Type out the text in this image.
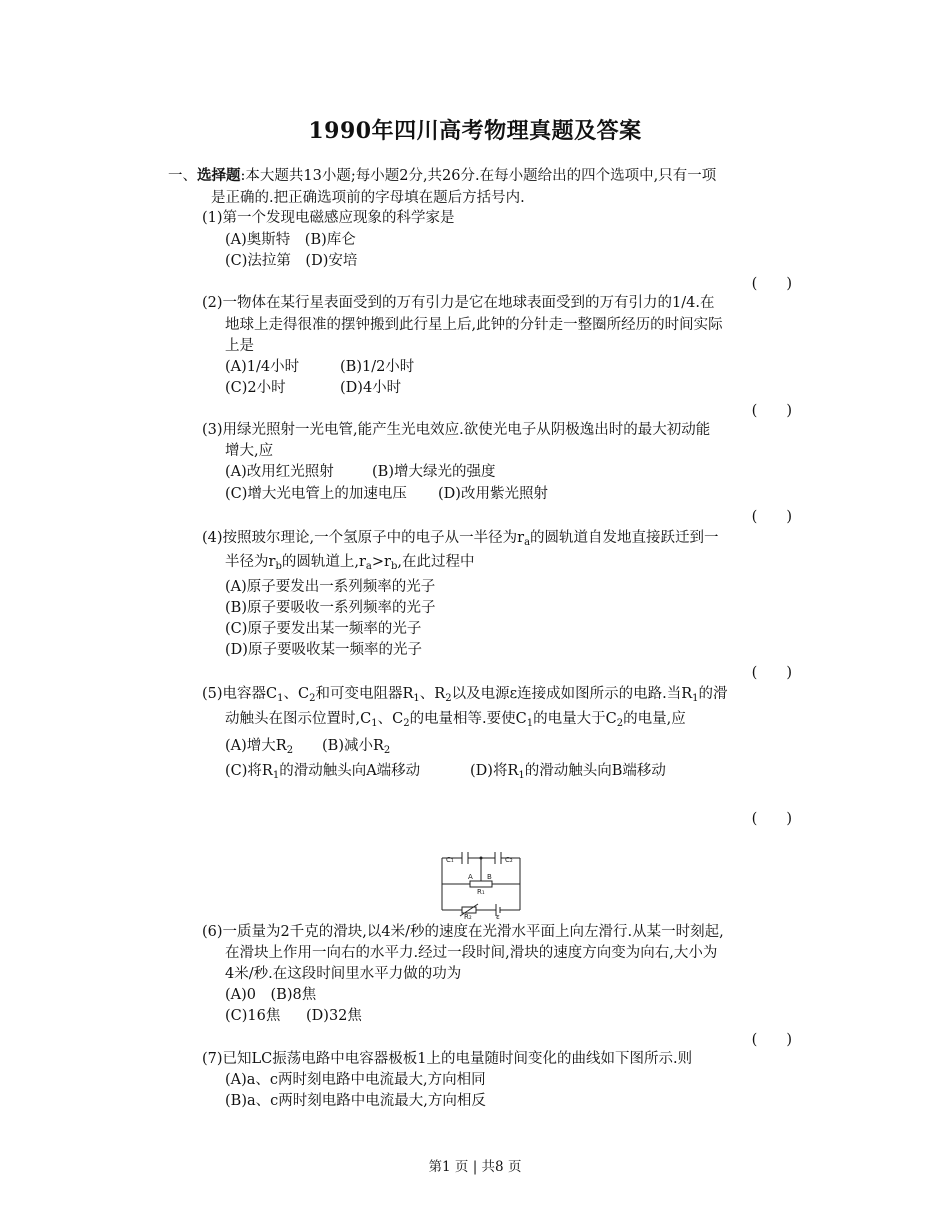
1990年四川高考物理真题及答案
一、选择题:本大题共13小题;每小题2分,共26分.在每小题给出的四个选项中,只有一项
是正确的.把正确选项前的字母填在题后方括号内.
(1)第一个发现电磁感应现象的科学家是
(A)奥斯特　(B)库仑
(C)法拉第　(D)安培
(　　)
(2)一物体在某行星表面受到的万有引力是它在地球表面受到的万有引力的1/4.在
地球上走得很准的摆钟搬到此行星上后,此钟的分针走一整圈所经历的时间实际
上是
(A)1/4小时	(B)1/2小时
(C)2小时	(D)4小时
(　　)
(3)用绿光照射一光电管,能产生光电效应.欲使光电子从阴极逸出时的最大初动能
增大,应
(A)改用红光照射	(B)增大绿光的强度
(C)增大光电管上的加速电压 (D)改用紫光照射
(　　)
(4)按照玻尔理论,一个氢原子中的电子从一半径为$r_a$的圆轨道自发地直接跃迁到一
半径为$r_b$的圆轨道上$,r_a>r_b$,在此过程中
(A)原子要发出一系列频率的光子
(B)原子要吸收一系列频率的光子
(C)原子要发出某一频率的光子
(D)原子要吸收某一频率的光子
(　　)
(5)电容器$C_1$、$C_2$和可变电阻器$R_1$、$R_2$以及电源ε连接成如图所示的电路.当$R_1$的滑
动触头在图示位置时$,C_1$、$C_2$的电量相等.要使$C_1$的电量大于$C_2$的电量,应
(A)增大$R_2$ (B)减小$R_2$
(C)将$R_1$的滑动触头向A端移动	(D)将$R_1$的滑动触头向B端移动
(　　)
C₁	C₂
A B
R₁
R₂	ε
(6)一质量为2千克的滑块,以4米/秒的速度在光滑水平面上向左滑行.从某一时刻起,
在滑块上作用一向右的水平力.经过一段时间,滑块的速度方向变为向右,大小为
4米/秒.在这段时间里水平力做的功为
(A)0　(B)8焦
(C)16焦 (D)32焦
(　　)
(7)已知LC振荡电路中电容器极板1上的电量随时间变化的曲线如下图所示.则
(A)a、c两时刻电路中电流最大,方向相同
(B)a、c两时刻电路中电流最大,方向相反
第1 页 | 共8 页
